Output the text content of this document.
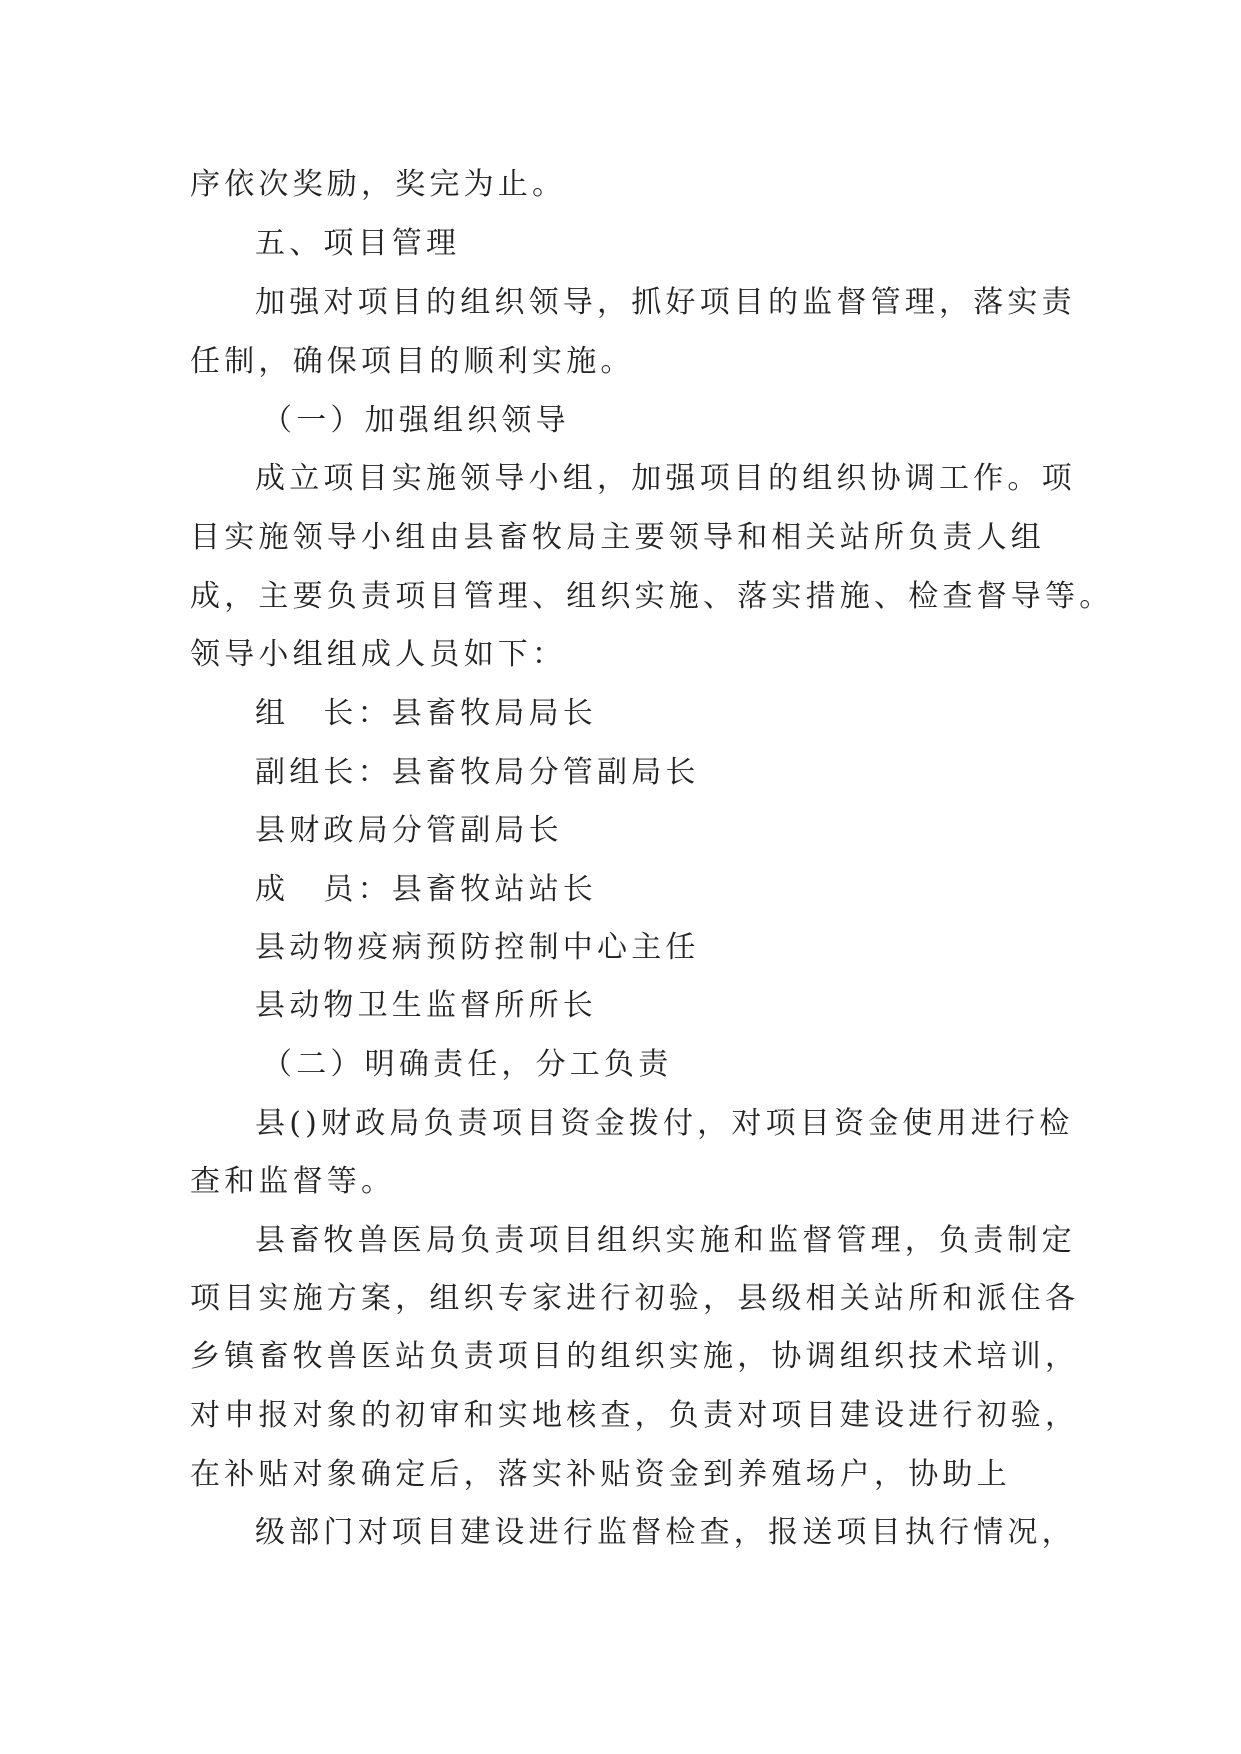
序依次奖励，奖完为止。

五、项目管理

加强对项目的组织领导，抓好项目的监督管理，落实责

任制，确保项目的顺利实施。

（一）加强组织领导

成立项目实施领导小组，加强项目的组织协调工作。项

目实施领导小组由县畜牧局主要领导和相关站所负责人组

成，主要负责项目管理、组织实施、落实措施、检查督导等。

领导小组组成人员如下：

组　长：县畜牧局局长

副组长：县畜牧局分管副局长

县财政局分管副局长

成　员：县畜牧站站长

县动物疫病预防控制中心主任

县动物卫生监督所所长

（二）明确责任，分工负责

县()财政局负责项目资金拨付，对项目资金使用进行检

查和监督等。

县畜牧兽医局负责项目组织实施和监督管理，负责制定

项目实施方案，组织专家进行初验，县级相关站所和派住各

乡镇畜牧兽医站负责项目的组织实施，协调组织技术培训，

对申报对象的初审和实地核查，负责对项目建设进行初验，

在补贴对象确定后，落实补贴资金到养殖场户，协助上

级部门对项目建设进行监督检查，报送项目执行情况，
